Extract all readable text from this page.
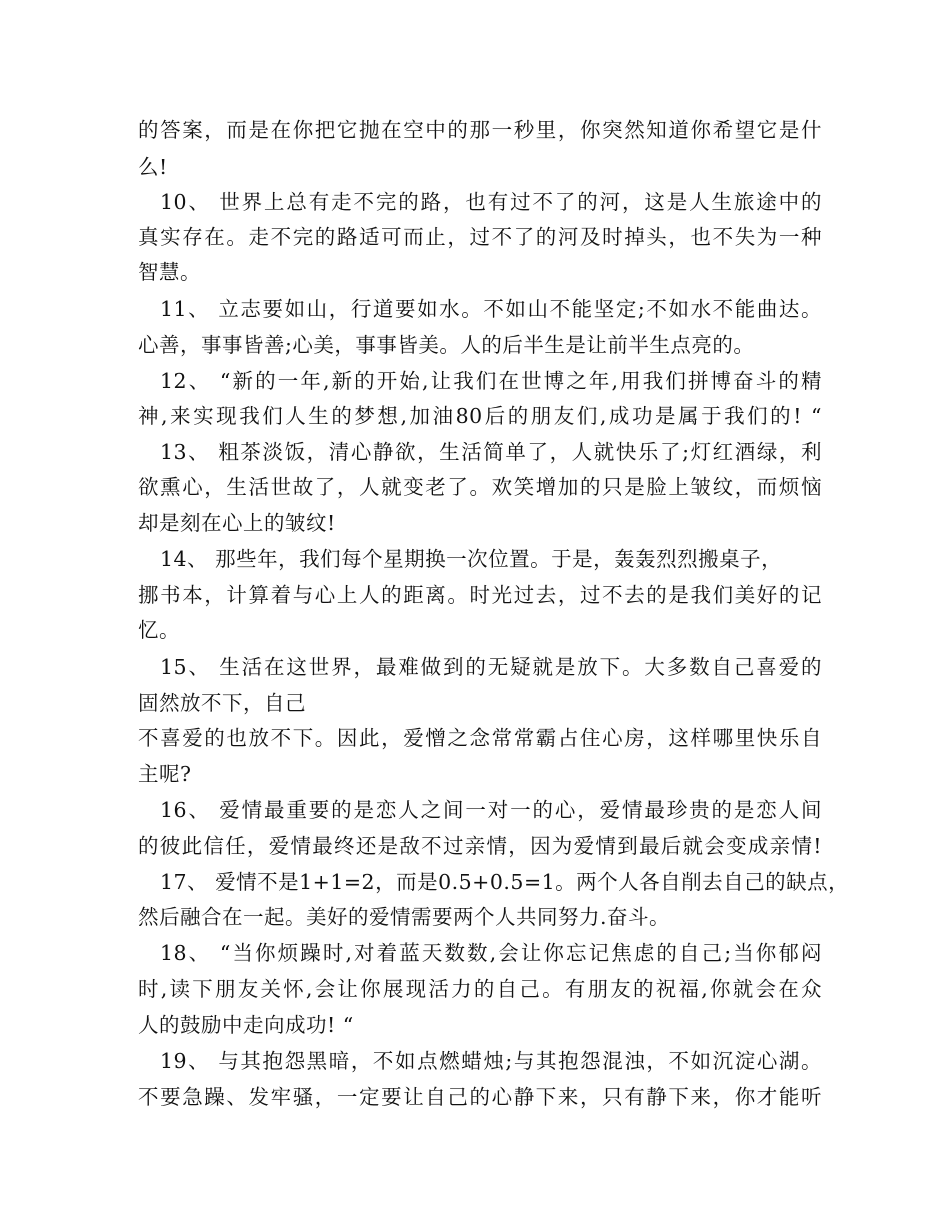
的答案，而是在你把它抛在空中的那一秒里，你突然知道你希望它是什
么!
10、 世界上总有走不完的路，也有过不了的河，这是人生旅途中的
真实存在。走不完的路适可而止，过不了的河及时掉头，也不失为一种
智慧。
11、 立志要如山，行道要如水。不如山不能坚定;不如水不能曲达。
心善，事事皆善;心美，事事皆美。人的后半生是让前半生点亮的。
12、 “新的一年,新的开始,让我们在世博之年,用我们拼博奋斗的精
神,来实现我们人生的梦想,加油80后的朋友们,成功是属于我们的! “
13、 粗茶淡饭，清心静欲，生活简单了，人就快乐了;灯红酒绿，利
欲熏心，生活世故了，人就变老了。欢笑增加的只是脸上皱纹，而烦恼
却是刻在心上的皱纹!
14、 那些年，我们每个星期换一次位置。于是，轰轰烈烈搬桌子，
挪书本，计算着与心上人的距离。时光过去，过不去的是我们美好的记
忆。
15、 生活在这世界，最难做到的无疑就是放下。大多数自己喜爱的
固然放不下，自己
不喜爱的也放不下。因此，爱憎之念常常霸占住心房，这样哪里快乐自
主呢?
16、 爱情最重要的是恋人之间一对一的心，爱情最珍贵的是恋人间
的彼此信任，爱情最终还是敌不过亲情，因为爱情到最后就会变成亲情!
17、 爱情不是1+1=2，而是0.5+0.5=1。两个人各自削去自己的缺点，
然后融合在一起。美好的爱情需要两个人共同努力.奋斗。
18、 “当你烦躁时,对着蓝天数数,会让你忘记焦虑的自己;当你郁闷
时,读下朋友关怀,会让你展现活力的自己。有朋友的祝福,你就会在众
人的鼓励中走向成功! “
19、 与其抱怨黑暗，不如点燃蜡烛;与其抱怨混浊，不如沉淀心湖。
不要急躁、发牢骚，一定要让自己的心静下来，只有静下来，你才能听
